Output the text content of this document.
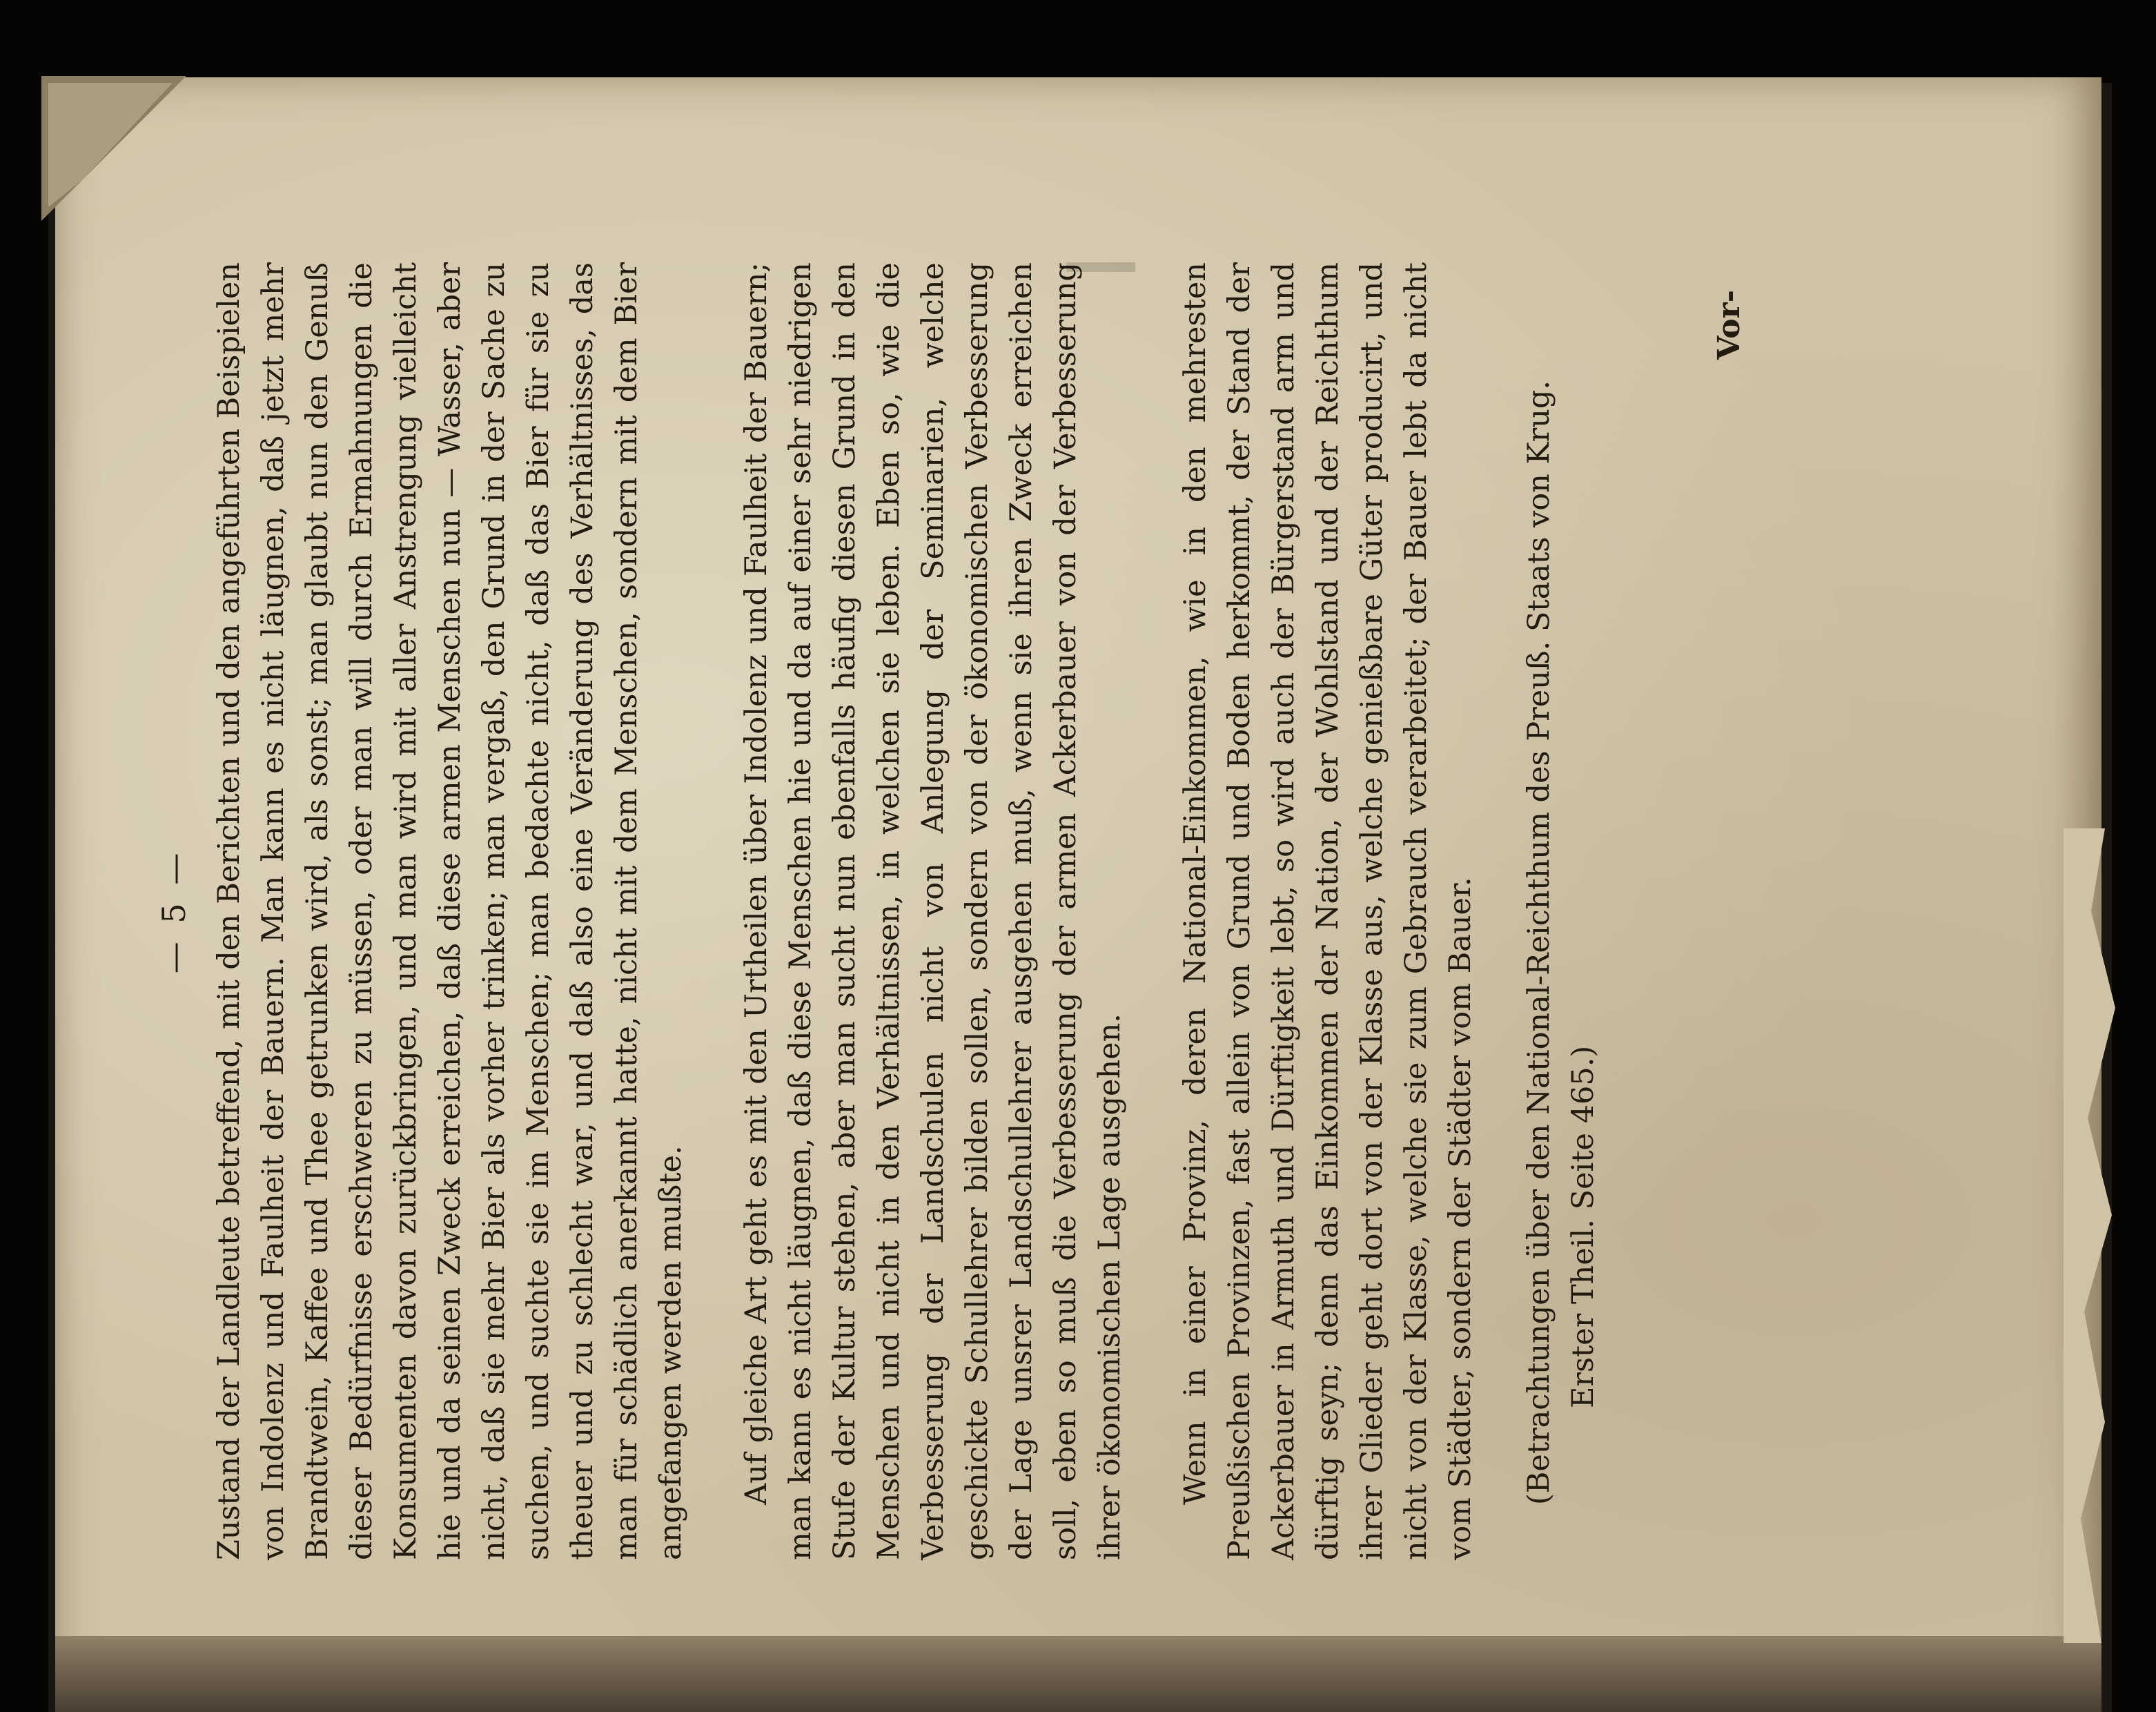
— 5 — Zustand der Landleute betreffend, mit den Berichten und den angeführten Beispielen von Indolenz und Faulheit der Bauern. Man kann es nicht läugnen, daß jetzt mehr Brandtwein, Kaffee und Thee getrunken wird, als sonst; man glaubt nun den Genuß dieser Bedürfnisse erschweren zu müssen, oder man will durch Ermahnungen die Konsumenten davon zurückbringen, und man wird mit aller Anstrengung vielleicht hie und da seinen Zweck erreichen, daß diese armen Menschen nun — Wasser, aber nicht, daß sie mehr Bier als vorher trinken; man vergaß, den Grund in der Sache zu suchen, und suchte sie im Menschen; man bedachte nicht, daß das Bier für sie zu theuer und zu schlecht war, und daß also eine Veränderung des Verhältnisses, das man für schädlich anerkannt hatte, nicht mit dem Menschen, sondern mit dem Bier angefangen werden mußte. Auf gleiche Art geht es mit den Urtheilen über Indolenz und Faulheit der Bauern; man kann es nicht läugnen, daß diese Menschen hie und da auf einer sehr niedrigen Stufe der Kultur stehen, aber man sucht nun ebenfalls häufig diesen Grund in den Menschen und nicht in den Verhältnissen, in welchen sie leben. Eben so, wie die Verbesserung der Landschulen nicht von Anlegung der Seminarien, welche geschickte Schullehrer bilden sollen, sondern von der ökonomischen Verbesserung der Lage unsrer Landschullehrer ausgehen muß, wenn sie ihren Zweck erreichen soll, eben so muß die Verbesserung der armen Ackerbauer von der Verbesserung ihrer ökonomischen Lage ausgehen. Wenn in einer Provinz, deren National-Einkommen, wie in den mehresten Preußischen Provinzen, fast allein von Grund und Boden herkommt, der Stand der Ackerbauer in Armuth und Dürftigkeit lebt, so wird auch der Bürgerstand arm und dürftig seyn; denn das Einkommen der Nation, der Wohlstand und der Reichthum ihrer Glieder geht dort von der Klasse aus, welche genießbare Güter producirt, und nicht von der Klasse, welche sie zum Gebrauch verarbeitet; der Bauer lebt da nicht vom Städter, sondern der Städter vom Bauer. (Betrachtungen über den National-Reichthum des Preuß. Staats von Krug. Erster Theil. Seite 465.)

Vor-
